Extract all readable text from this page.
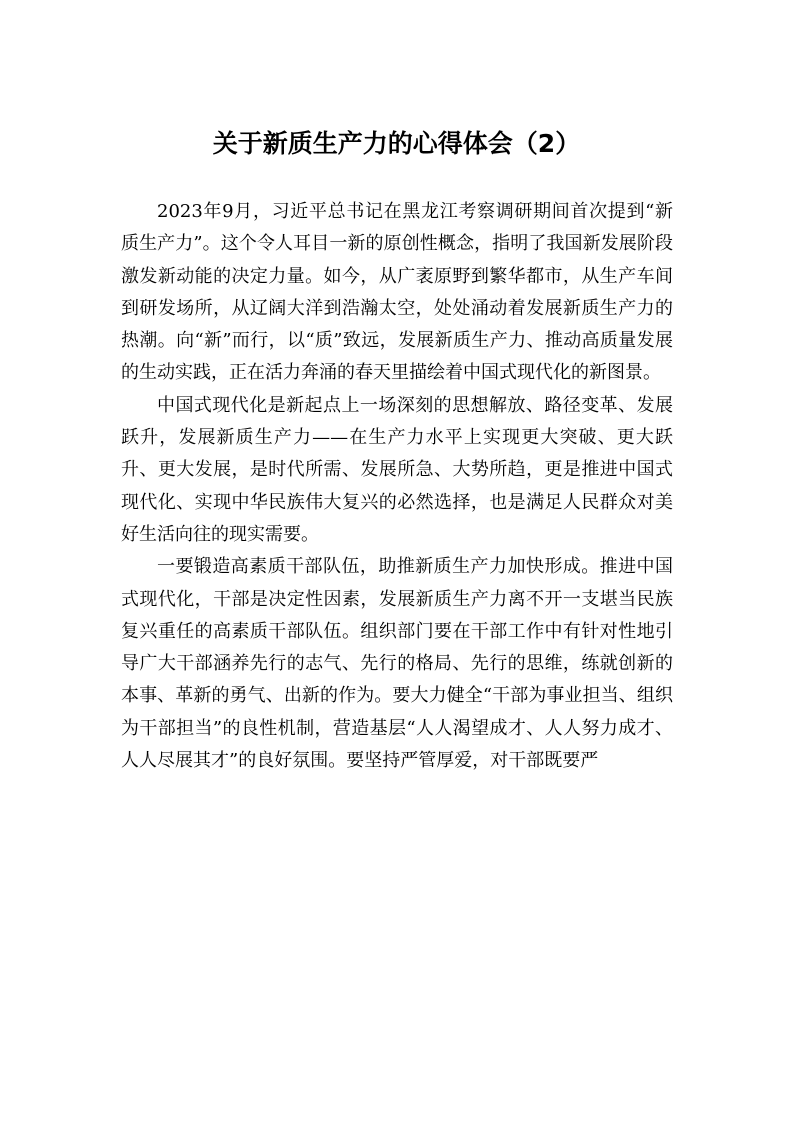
关于新质生产力的心得体会（2）

2023年9月，习近平总书记在黑龙江考察调研期间首次提到“新质生产力”。这个令人耳目一新的原创性概念，指明了我国新发展阶段激发新动能的决定力量。如今，从广袤原野到繁华都市，从生产车间到研发场所，从辽阔大洋到浩瀚太空，处处涌动着发展新质生产力的热潮。向“新”而行，以“质”致远，发展新质生产力、推动高质量发展的生动实践，正在活力奔涌的春天里描绘着中国式现代化的新图景。

中国式现代化是新起点上一场深刻的思想解放、路径变革、发展跃升，发展新质生产力——在生产力水平上实现更大突破、更大跃升、更大发展，是时代所需、发展所急、大势所趋，更是推进中国式现代化、实现中华民族伟大复兴的必然选择，也是满足人民群众对美好生活向往的现实需要。

一要锻造高素质干部队伍，助推新质生产力加快形成。推进中国式现代化，干部是决定性因素，发展新质生产力离不开一支堪当民族复兴重任的高素质干部队伍。组织部门要在干部工作中有针对性地引导广大干部涵养先行的志气、先行的格局、先行的思维，练就创新的本事、革新的勇气、出新的作为。要大力健全“干部为事业担当、组织为干部担当”的良性机制，营造基层“人人渴望成才、人人努力成才、人人尽展其才”的良好氛围。要坚持严管厚爱，对干部既要严
